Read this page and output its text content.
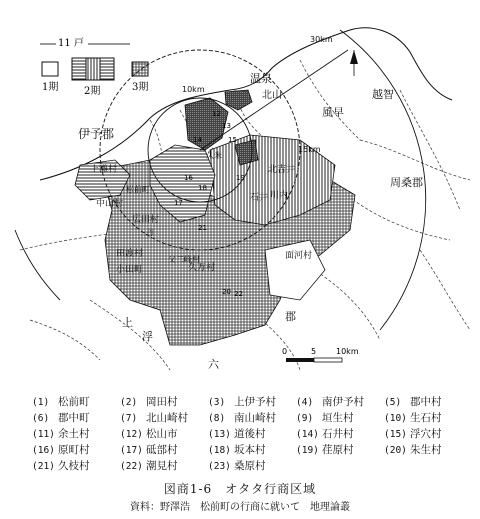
11 戸
1期	2期	3期
30km
10km
15km
温泉
伊予郡
周桑郡
越智
風早
北山
上
浮
六
郡
面河村
上灘村
中山村
広田村
田渡村
小田町	久万村
父二峰村
北吉井
石井 川内
久米
松前町
丹
13
14	15
12
16
17
18
19
20
21
22
0	5 10km
(1) 松前町	(2) 岡田村	(3) 上伊予村	(4) 南伊予村	(5) 郡中村
(6) 郡中町	(7) 北山崎村	(8) 南山崎村	(9) 垣生村	(10) 生石村
(11) 余土村	(12) 松山市	(13) 道後村	(14) 石井村	(15) 浮穴村
(16) 原町村	(17) 砥部村	(18) 坂本村	(19) 荏原村	(20) 朱生村
(21) 久枝村	(22) 潮見村	(23) 桑原村
図商1-6　オタタ行商区域
資料：野澤浩　松前町の行商に就いて　地理論叢
